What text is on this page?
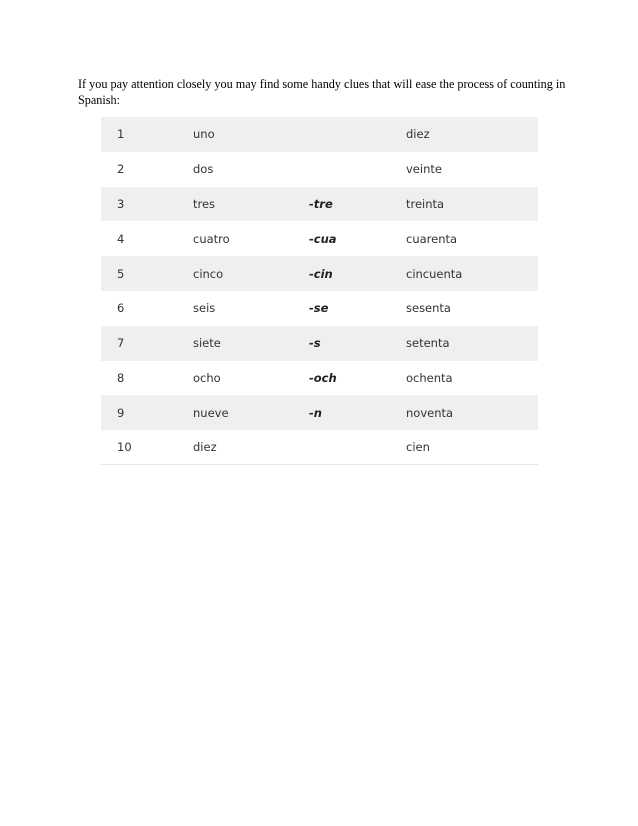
If you pay attention closely you may find some handy clues that will ease the process of counting in Spanish:

1	uno		diez
2	dos		veinte
3	tres	-tre	treinta
4	cuatro	-cua	cuarenta
5	cinco	-cin	cincuenta
6	seis	-se	sesenta
7	siete	-s	setenta
8	ocho	-och	ochenta
9	nueve	-n	noventa
10	diez		cien
